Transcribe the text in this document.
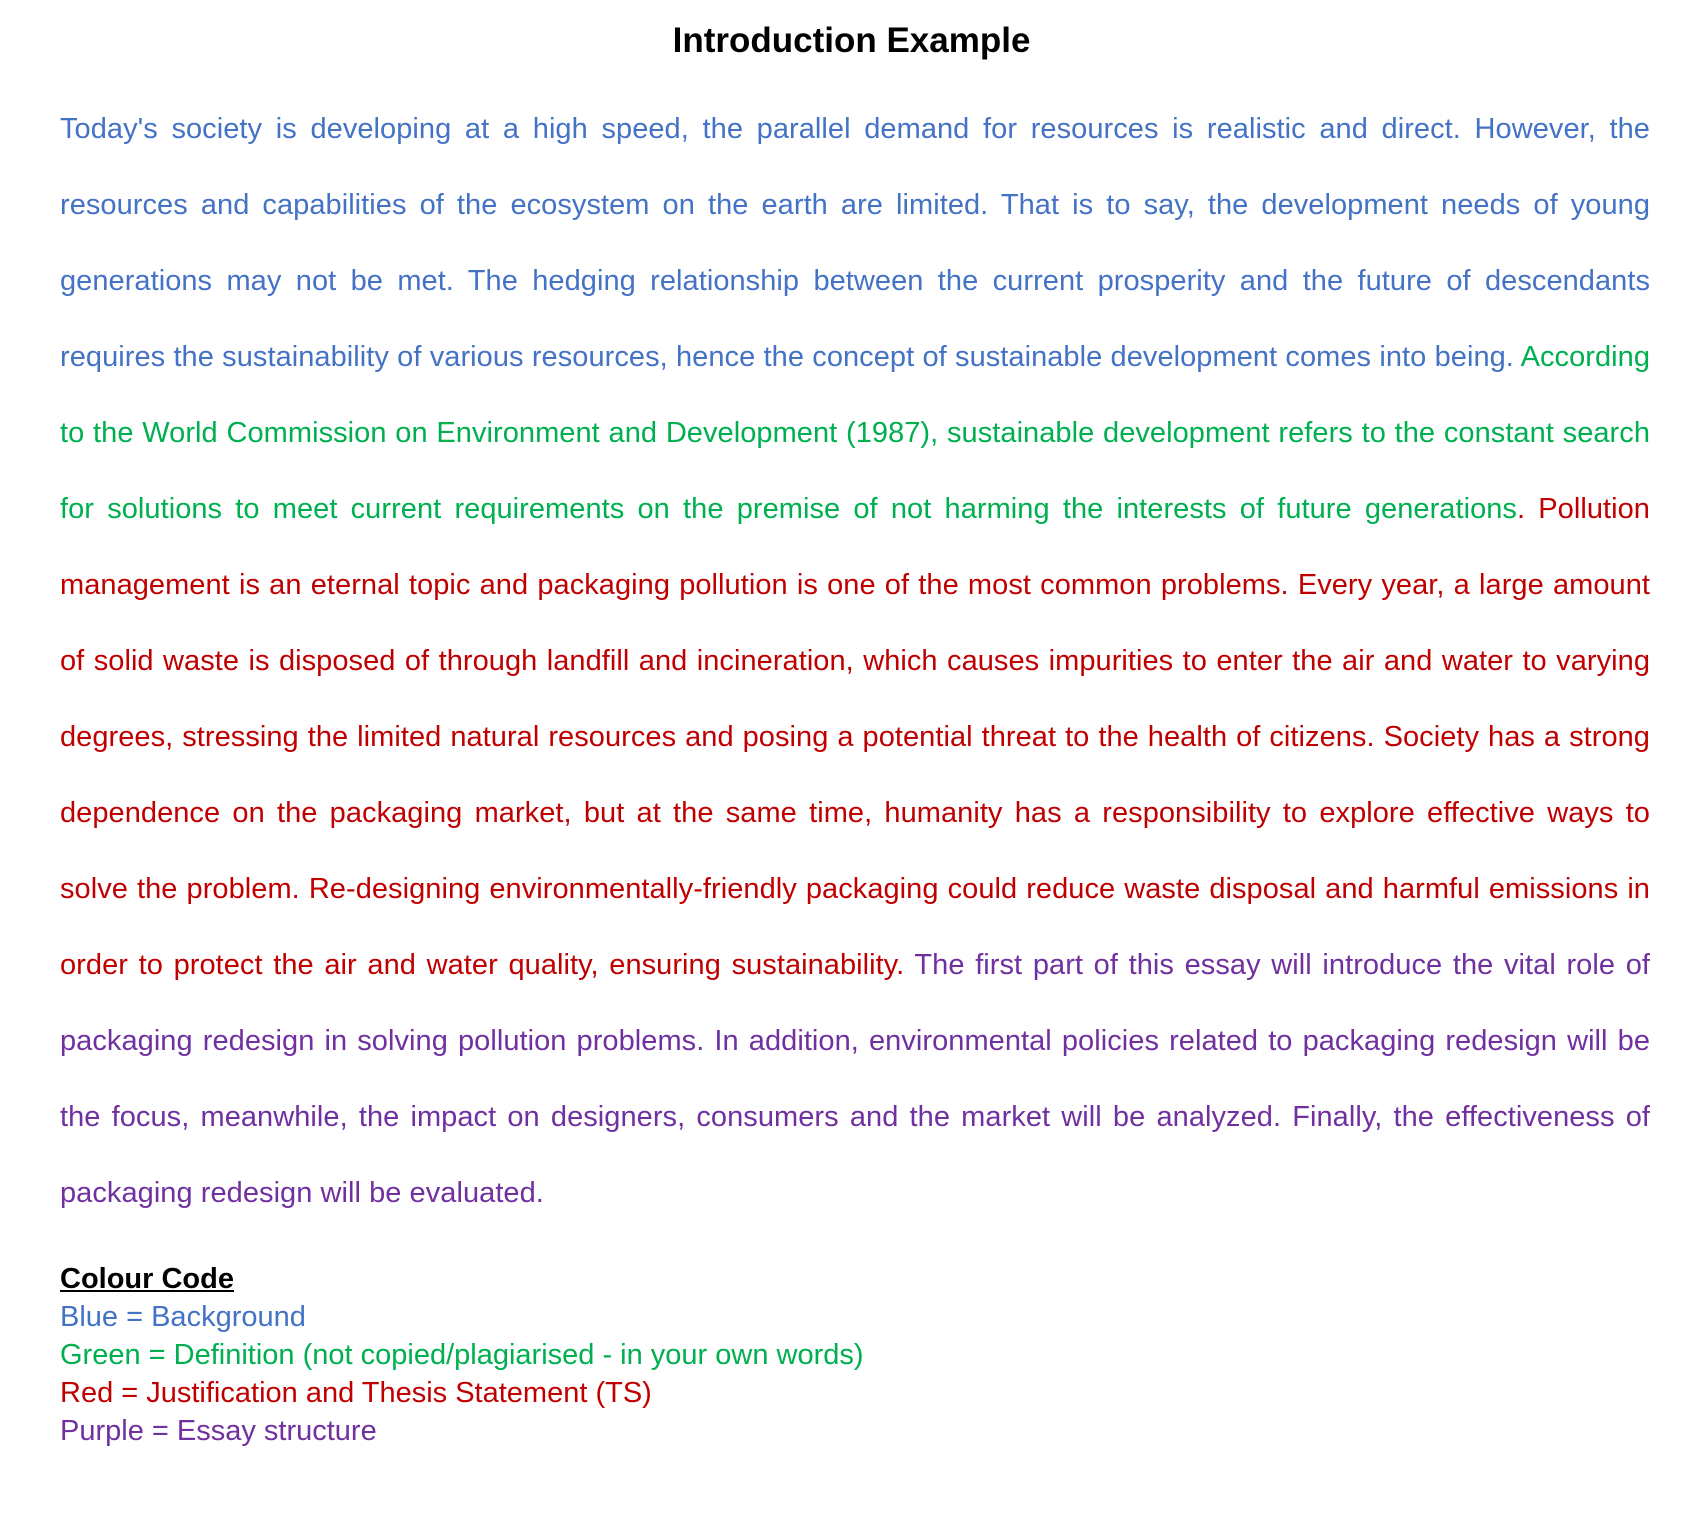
Introduction Example

Today's society is developing at a high speed, the parallel demand for resources is realistic and direct. However, the resources and capabilities of the ecosystem on the earth are limited. That is to say, the development needs of young generations may not be met. The hedging relationship between the current prosperity and the future of descendants requires the sustainability of various resources, hence the concept of sustainable development comes into being. According to the World Commission on Environment and Development (1987), sustainable development refers to the constant search for solutions to meet current requirements on the premise of not harming the interests of future generations. Pollution management is an eternal topic and packaging pollution is one of the most common problems. Every year, a large amount of solid waste is disposed of through landfill and incineration, which causes impurities to enter the air and water to varying degrees, stressing the limited natural resources and posing a potential threat to the health of citizens. Society has a strong dependence on the packaging market, but at the same time, humanity has a responsibility to explore effective ways to solve the problem. Re-designing environmentally-friendly packaging could reduce waste disposal and harmful emissions in order to protect the air and water quality, ensuring sustainability. The first part of this essay will introduce the vital role of packaging redesign in solving pollution problems. In addition, environmental policies related to packaging redesign will be the focus, meanwhile, the impact on designers, consumers and the market will be analyzed. Finally, the effectiveness of packaging redesign will be evaluated.

Colour Code
Blue = Background
Green = Definition (not copied/plagiarised - in your own words)
Red = Justification and Thesis Statement (TS)
Purple = Essay structure
